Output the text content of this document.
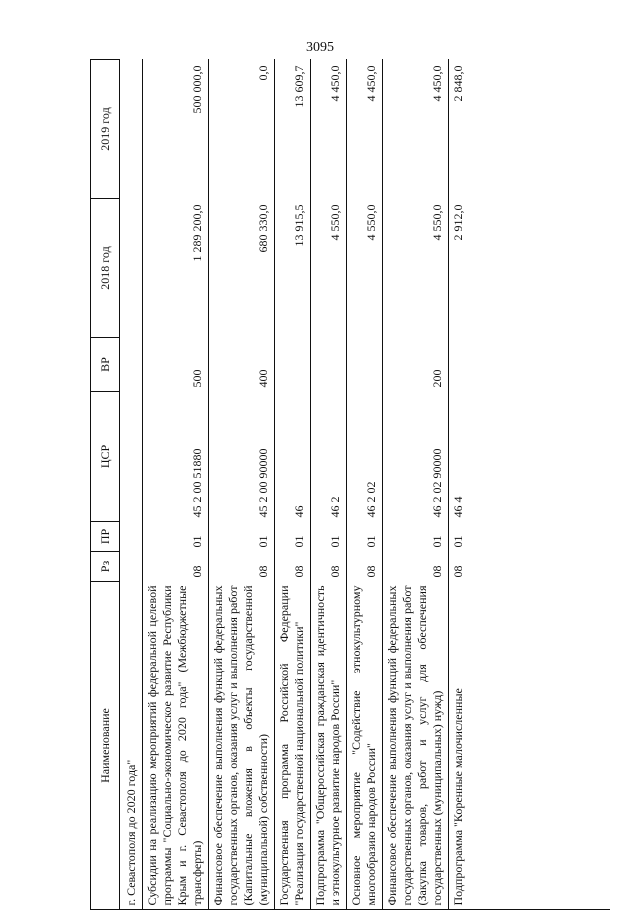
3095
Наименование	Рз	ПР	ЦСР	ВР	2018 год	2019 год
г. Севастополя до 2020 года"						
Субсидии на реализацию мероприятий федеральной целевой программы "Социально-экономическое развитие Республики Крым и г. Севастополя до 2020 года" (Межбюджетные трансферты)	08	01	45 2 00 51880	500	1 289 200,0	500 000,0
Финансовое обеспечение выполнения функций федеральных государственных органов, оказания услуг и выполнения работ (Капитальные вложения в объекты государственной (муниципальной) собственности)	08	01	45 2 00 90000	400	680 330,0	0,0
Государственная программа Российской Федерации "Реализация государственной национальной политики"	08	01	46		13 915,5	13 609,7
Подпрограмма "Общероссийская гражданская идентичность и этнокультурное развитие народов России"	08	01	46 2		4 550,0	4 450,0
Основное мероприятие "Содействие этнокультурному многообразию народов России"	08	01	46 2 02		4 550,0	4 450,0
Финансовое обеспечение выполнения функций федеральных государственных органов, оказания услуг и выполнения работ (Закупка товаров, работ и услуг для обеспечения государственных (муниципальных) нужд)	08	01	46 2 02 90000	200	4 550,0	4 450,0
Подпрограмма "Коренные малочисленные	08	01	46 4		2 912,0	2 848,0
